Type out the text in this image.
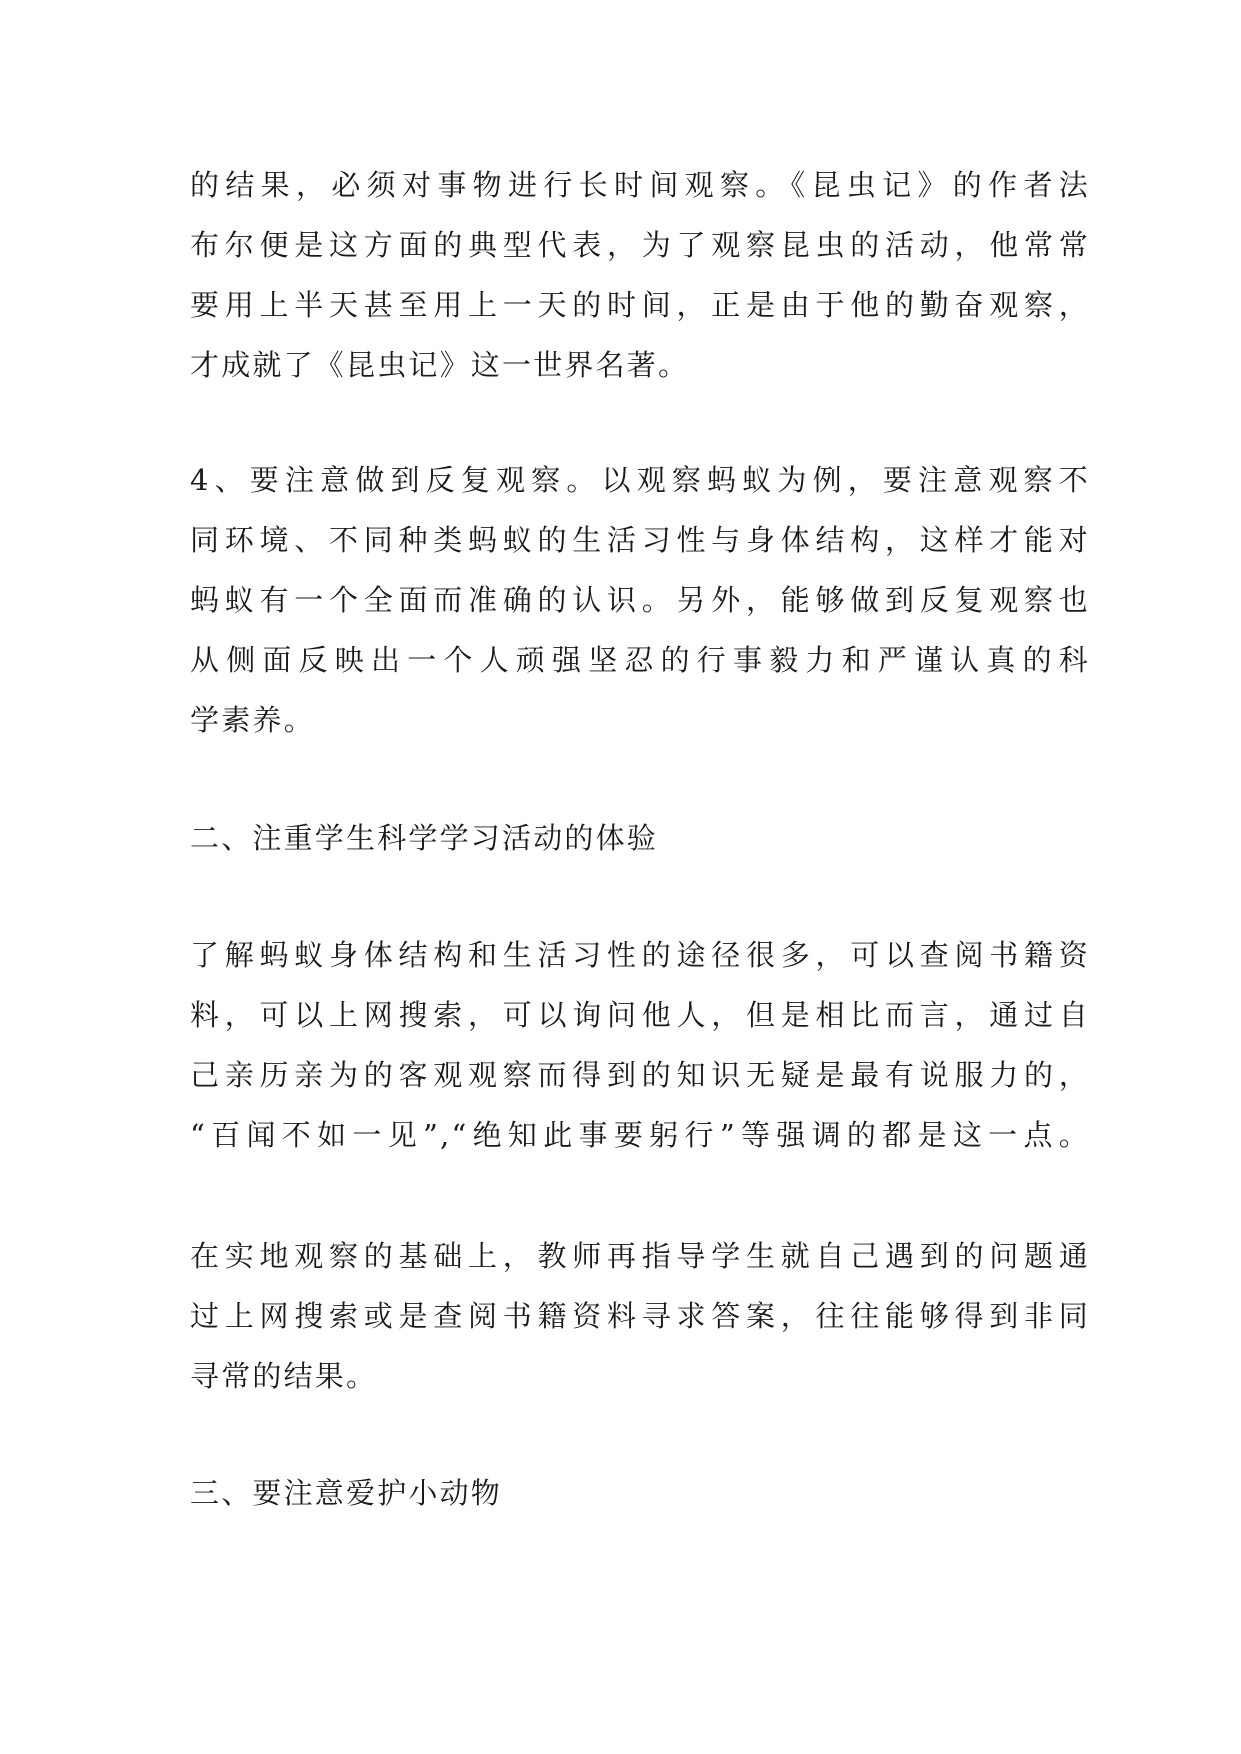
的结果，必须对事物进行长时间观察。《昆虫记》的作者法
布尔便是这方面的典型代表，为了观察昆虫的活动，他常常
要用上半天甚至用上一天的时间，正是由于他的勤奋观察，
才成就了《昆虫记》这一世界名著。

4、要注意做到反复观察。以观察蚂蚁为例，要注意观察不
同环境、不同种类蚂蚁的生活习性与身体结构，这样才能对
蚂蚁有一个全面而准确的认识。另外，能够做到反复观察也
从侧面反映出一个人顽强坚忍的行事毅力和严谨认真的科
学素养。

二、注重学生科学学习活动的体验

了解蚂蚁身体结构和生活习性的途径很多，可以查阅书籍资
料，可以上网搜索，可以询问他人，但是相比而言，通过自
己亲历亲为的客观观察而得到的知识无疑是最有说服力的，
“百闻不如一见”,“绝知此事要躬行”等强调的都是这一点。

在实地观察的基础上，教师再指导学生就自己遇到的问题通
过上网搜索或是查阅书籍资料寻求答案，往往能够得到非同
寻常的结果。

三、要注意爱护小动物
